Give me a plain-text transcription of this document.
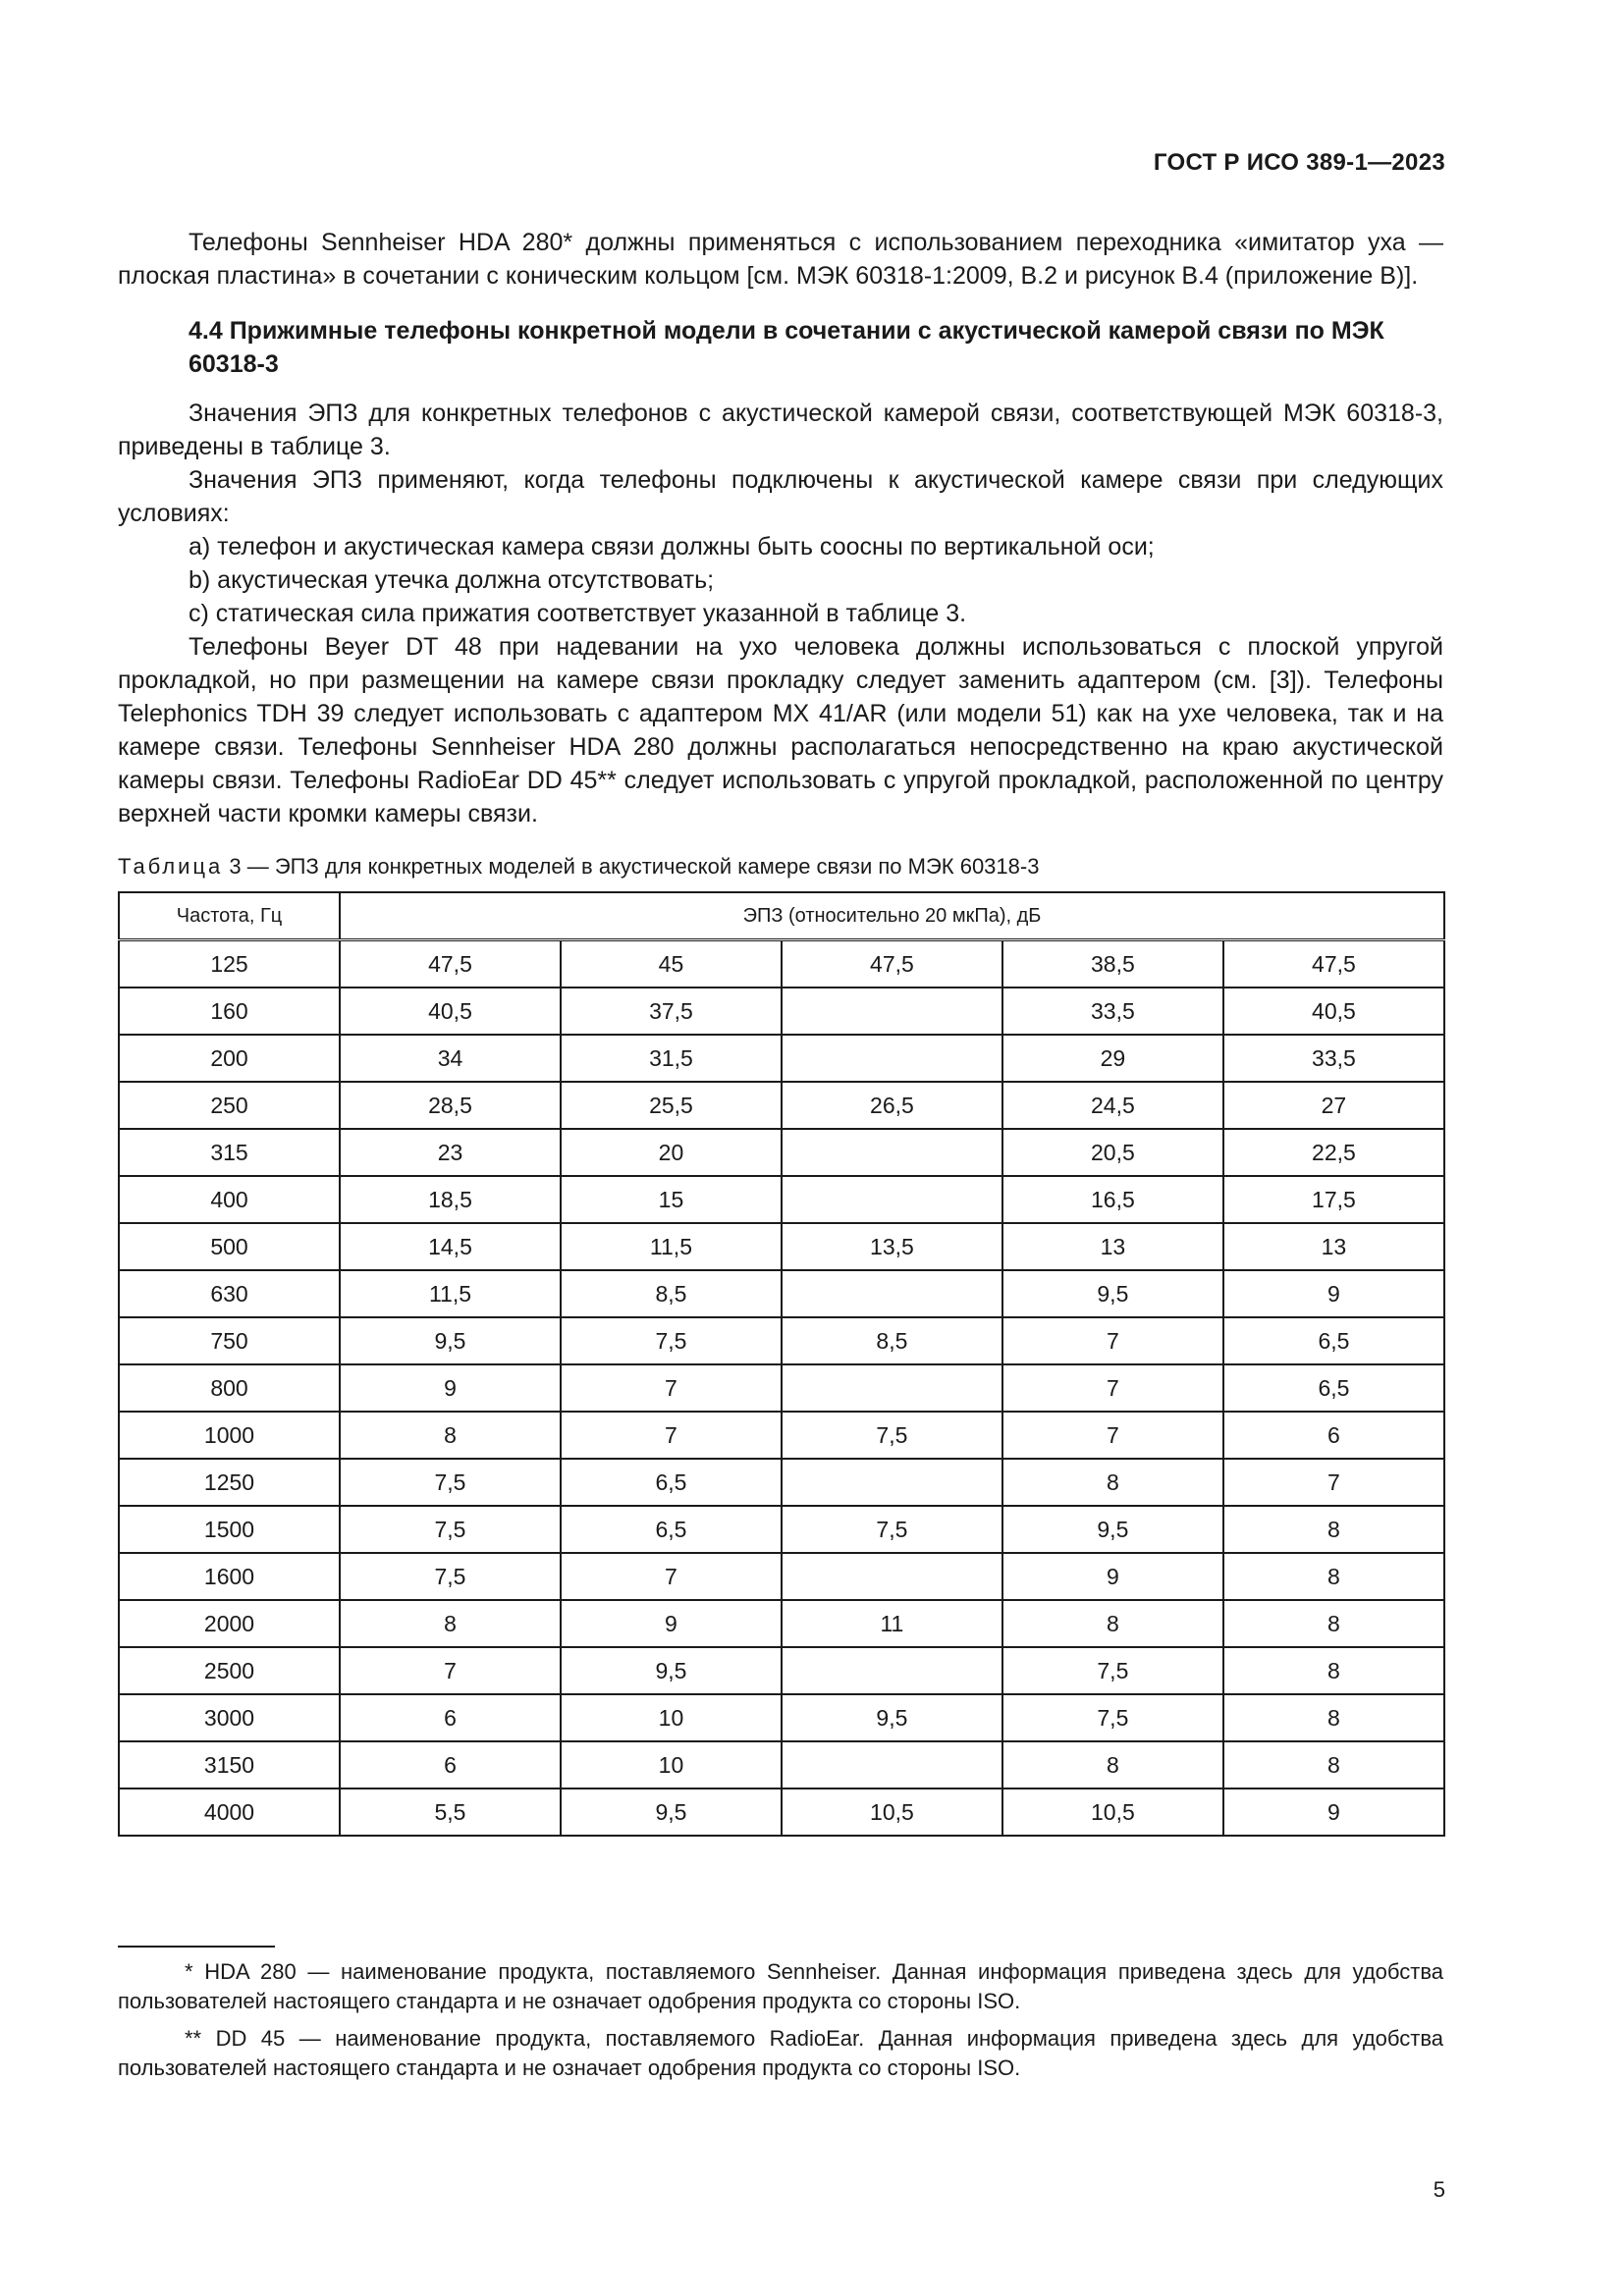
ГОСТ Р ИСО 389-1—2023

Телефоны Sennheiser HDA 280* должны применяться с использованием переходника «имитатор уха — плоская пластина» в сочетании с коническим кольцом [см. МЭК 60318-1:2009, В.2 и рисунок В.4 (приложение В)].

4.4 Прижимные телефоны конкретной модели в сочетании с акустической камерой связи по МЭК 60318-3

Значения ЭПЗ для конкретных телефонов с акустической камерой связи, соответствующей МЭК 60318-3, приведены в таблице 3.

Значения ЭПЗ применяют, когда телефоны подключены к акустической камере связи при следующих условиях:

a) телефон и акустическая камера связи должны быть соосны по вертикальной оси;
b) акустическая утечка должна отсутствовать;
c) статическая сила прижатия соответствует указанной в таблице 3.

Телефоны Beyer DT 48 при надевании на ухо человека должны использоваться с плоской упругой прокладкой, но при размещении на камере связи прокладку следует заменить адаптером (см. [3]). Телефоны Telephonics TDH 39 следует использовать с адаптером MX 41/AR (или модели 51) как на ухе человека, так и на камере связи. Телефоны Sennheiser HDA 280 должны располагаться непосредственно на краю акустической камеры связи. Телефоны RadioEar DD 45** следует использовать с упругой прокладкой, расположенной по центру верхней части кромки камеры связи.

Таблица 3 — ЭПЗ для конкретных моделей в акустической камере связи по МЭК 60318-3
Частота, Гц	ЭПЗ (относительно 20 мкПа), дБ				
125	47,5	45	47,5	38,5	47,5
160	40,5	37,5		33,5	40,5
200	34	31,5		29	33,5
250	28,5	25,5	26,5	24,5	27
315	23	20		20,5	22,5
400	18,5	15		16,5	17,5
500	14,5	11,5	13,5	13	13
630	11,5	8,5		9,5	9
750	9,5	7,5	8,5	7	6,5
800	9	7		7	6,5
1000	8	7	7,5	7	6
1250	7,5	6,5		8	7
1500	7,5	6,5	7,5	9,5	8
1600	7,5	7		9	8
2000	8	9	11	8	8
2500	7	9,5		7,5	8
3000	6	10	9,5	7,5	8
3150	6	10		8	8
4000	5,5	9,5	10,5	10,5	9

* HDA 280 — наименование продукта, поставляемого Sennheiser. Данная информация приведена здесь для удобства пользователей настоящего стандарта и не означает одобрения продукта со стороны ISO.

** DD 45 — наименование продукта, поставляемого RadioEar. Данная информация приведена здесь для удобства пользователей настоящего стандарта и не означает одобрения продукта со стороны ISO.

5
